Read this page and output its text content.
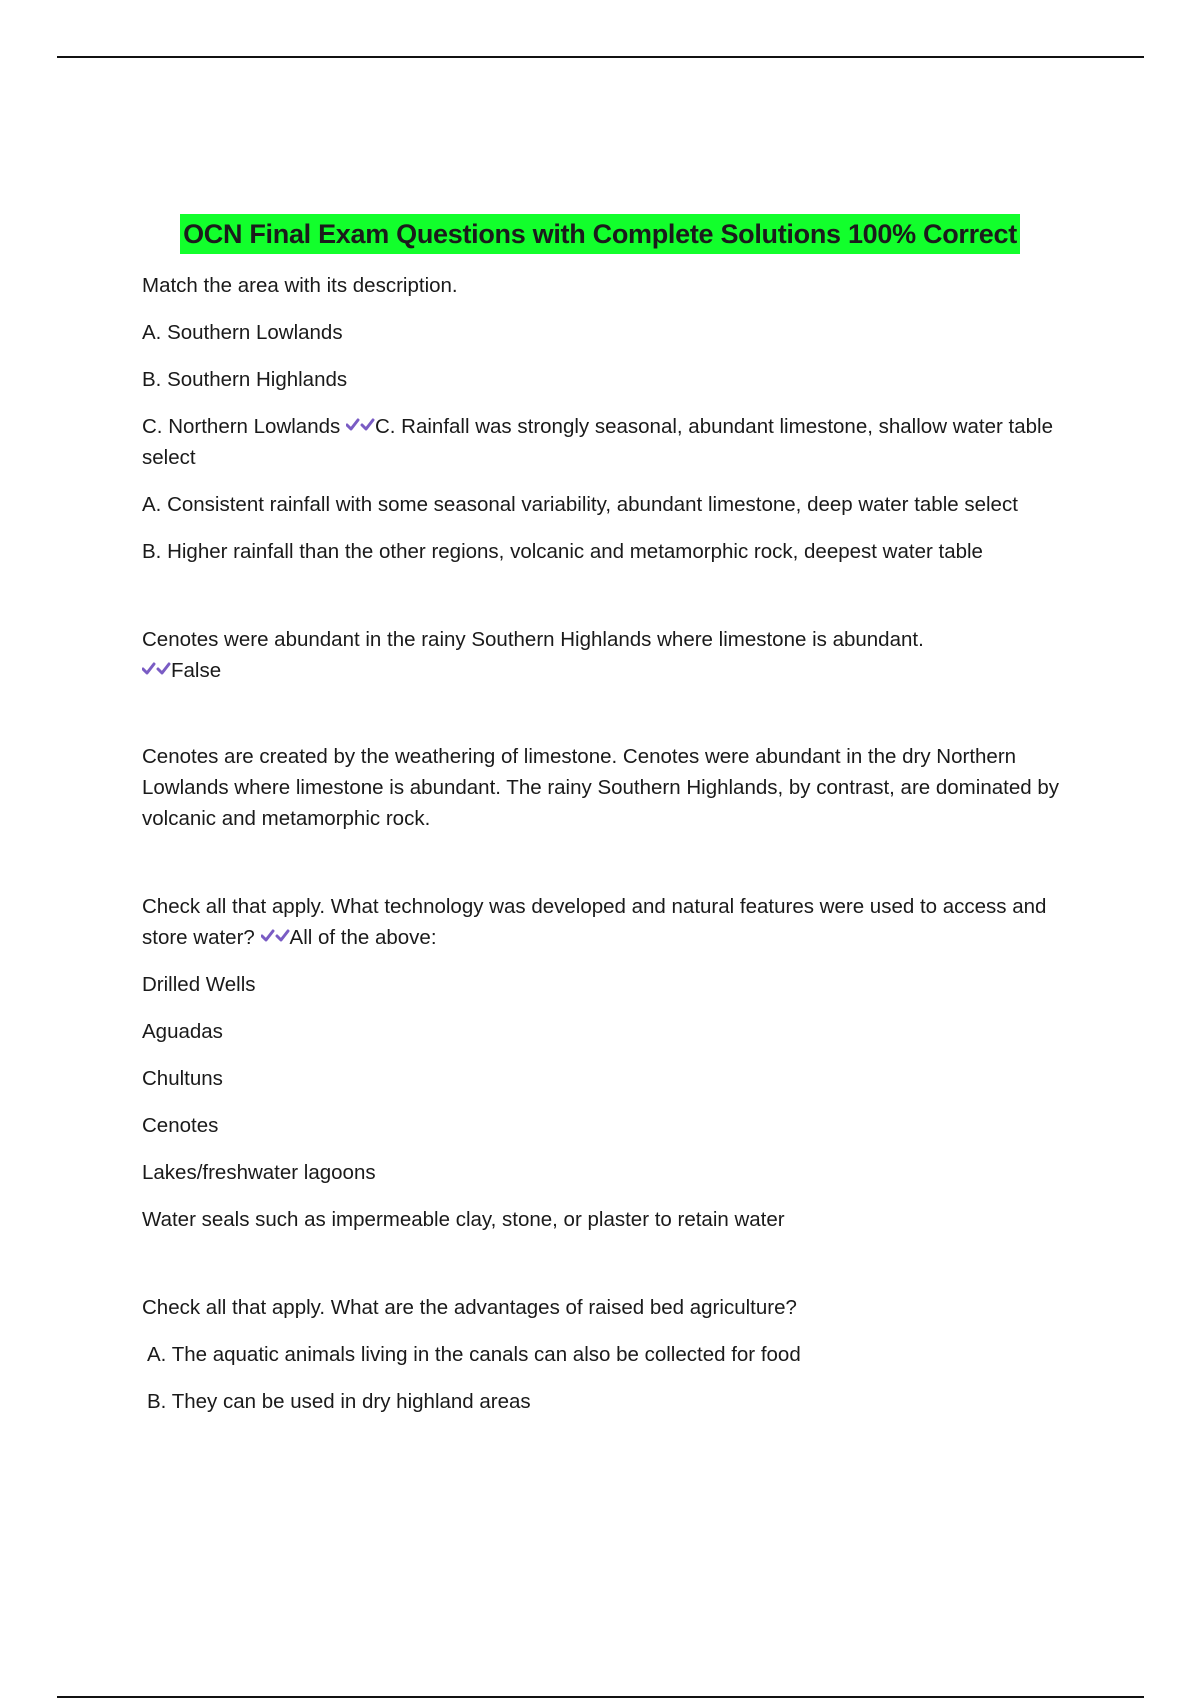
OCN Final Exam Questions with Complete Solutions 100% Correct

Match the area with its description.

A. Southern Lowlands

B. Southern Highlands

C. Northern Lowlands C. Rainfall was strongly seasonal, abundant limestone, shallow water table select

A. Consistent rainfall with some seasonal variability, abundant limestone, deep water table select

B. Higher rainfall than the other regions, volcanic and metamorphic rock, deepest water table

Cenotes were abundant in the rainy Southern Highlands where limestone is abundant.

False

Cenotes are created by the weathering of limestone. Cenotes were abundant in the dry Northern Lowlands where limestone is abundant. The rainy Southern Highlands, by contrast, are dominated by volcanic and metamorphic rock.

Check all that apply. What technology was developed and natural features were used to access and store water? All of the above:

Drilled Wells

Aguadas

Chultuns

Cenotes

Lakes/freshwater lagoons

Water seals such as impermeable clay, stone, or plaster to retain water

Check all that apply. What are the advantages of raised bed agriculture?

A. The aquatic animals living in the canals can also be collected for food

B. They can be used in dry highland areas
